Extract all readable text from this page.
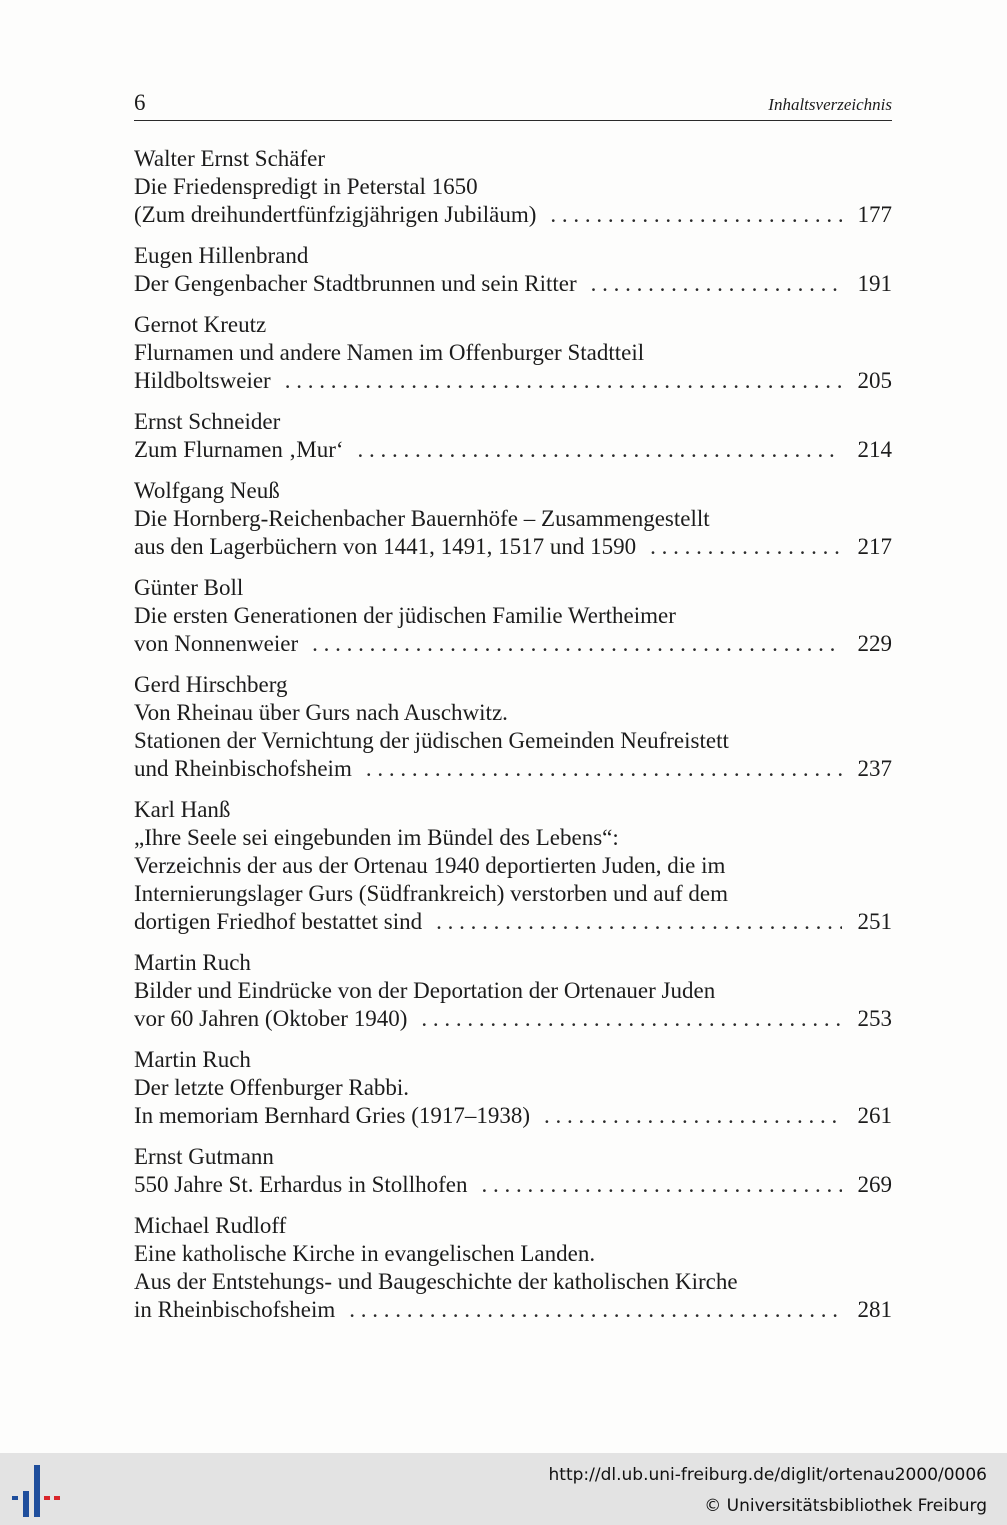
6	Inhaltsverzeichnis
Walter Ernst Schäfer
Die Friedenspredigt in Peterstal 1650
(Zum dreihundertfünfzigjährigen Jubiläum) . . .	177
Eugen Hillenbrand
Der Gengenbacher Stadtbrunnen und sein Ritter . . .	191
Gernot Kreutz
Flurnamen und andere Namen im Offenburger Stadtteil
Hildboltsweier . . .	205
Ernst Schneider
Zum Flurnamen ‚Mur‘ . . .	214
Wolfgang Neuß
Die Hornberg-Reichenbacher Bauernhöfe – Zusammengestellt
aus den Lagerbüchern von 1441, 1491, 1517 und 1590 . . .	217
Günter Boll
Die ersten Generationen der jüdischen Familie Wertheimer
von Nonnenweier . . .	229
Gerd Hirschberg
Von Rheinau über Gurs nach Auschwitz.
Stationen der Vernichtung der jüdischen Gemeinden Neufreistett
und Rheinbischofsheim . . .	237
Karl Hanß
„Ihre Seele sei eingebunden im Bündel des Lebens“:
Verzeichnis der aus der Ortenau 1940 deportierten Juden, die im
Internierungslager Gurs (Südfrankreich) verstorben und auf dem
dortigen Friedhof bestattet sind . . .	251
Martin Ruch
Bilder und Eindrücke von der Deportation der Ortenauer Juden
vor 60 Jahren (Oktober 1940) . . .	253
Martin Ruch
Der letzte Offenburger Rabbi.
In memoriam Bernhard Gries (1917–1938) . . .	261
Ernst Gutmann
550 Jahre St. Erhardus in Stollhofen . . .	269
Michael Rudloff
Eine katholische Kirche in evangelischen Landen.
Aus der Entstehungs- und Baugeschichte der katholischen Kirche
in Rheinbischofsheim . . .	281
http://dl.ub.uni-freiburg.de/diglit/ortenau2000/0006
© Universitätsbibliothek Freiburg
